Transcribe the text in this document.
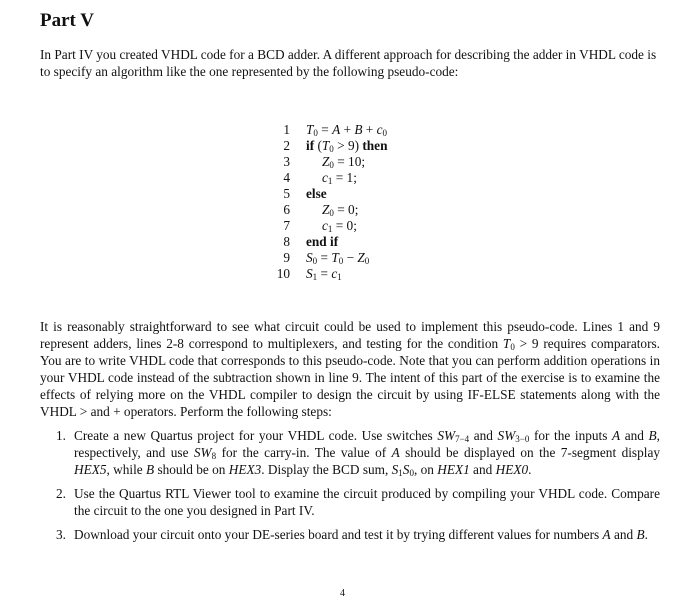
Part V

In Part IV you created VHDL code for a BCD adder. A different approach for describing the adder in VHDL code is to specify an algorithm like the one represented by the following pseudo-code:

1 $T_0 = A + B + c_0$
2 if $(T_0 > 9)$ then
3 $Z_0 = 10$;
4 $c_1 = 1$;
5 else
6 $Z_0 = 0$;
7 $c_1 = 0$;
8 end if
9 $S_0 = T_0 - Z_0$
10 $S_1 = c_1$

It is reasonably straightforward to see what circuit could be used to implement this pseudo-code. Lines 1 and 9 represent adders, lines 2-8 correspond to multiplexers, and testing for the condition $T_0 > 9$ requires comparators. You are to write VHDL code that corresponds to this pseudo-code. Note that you can perform addition operations in your VHDL code instead of the subtraction shown in line 9. The intent of this part of the exercise is to examine the effects of relying more on the VHDL compiler to design the circuit by using IF-ELSE statements along with the VHDL > and + operators. Perform the following steps:

1. Create a new Quartus project for your VHDL code. Use switches $SW_{7-4}$ and $SW_{3-0}$ for the inputs A and B, respectively, and use $SW_8$ for the carry-in. The value of A should be displayed on the 7-segment display HEX5, while B should be on HEX3. Display the BCD sum, $S_1S_0$, on HEX1 and HEX0.
2. Use the Quartus RTL Viewer tool to examine the circuit produced by compiling your VHDL code. Compare the circuit to the one you designed in Part IV.
3. Download your circuit onto your DE-series board and test it by trying different values for numbers A and B.
4
